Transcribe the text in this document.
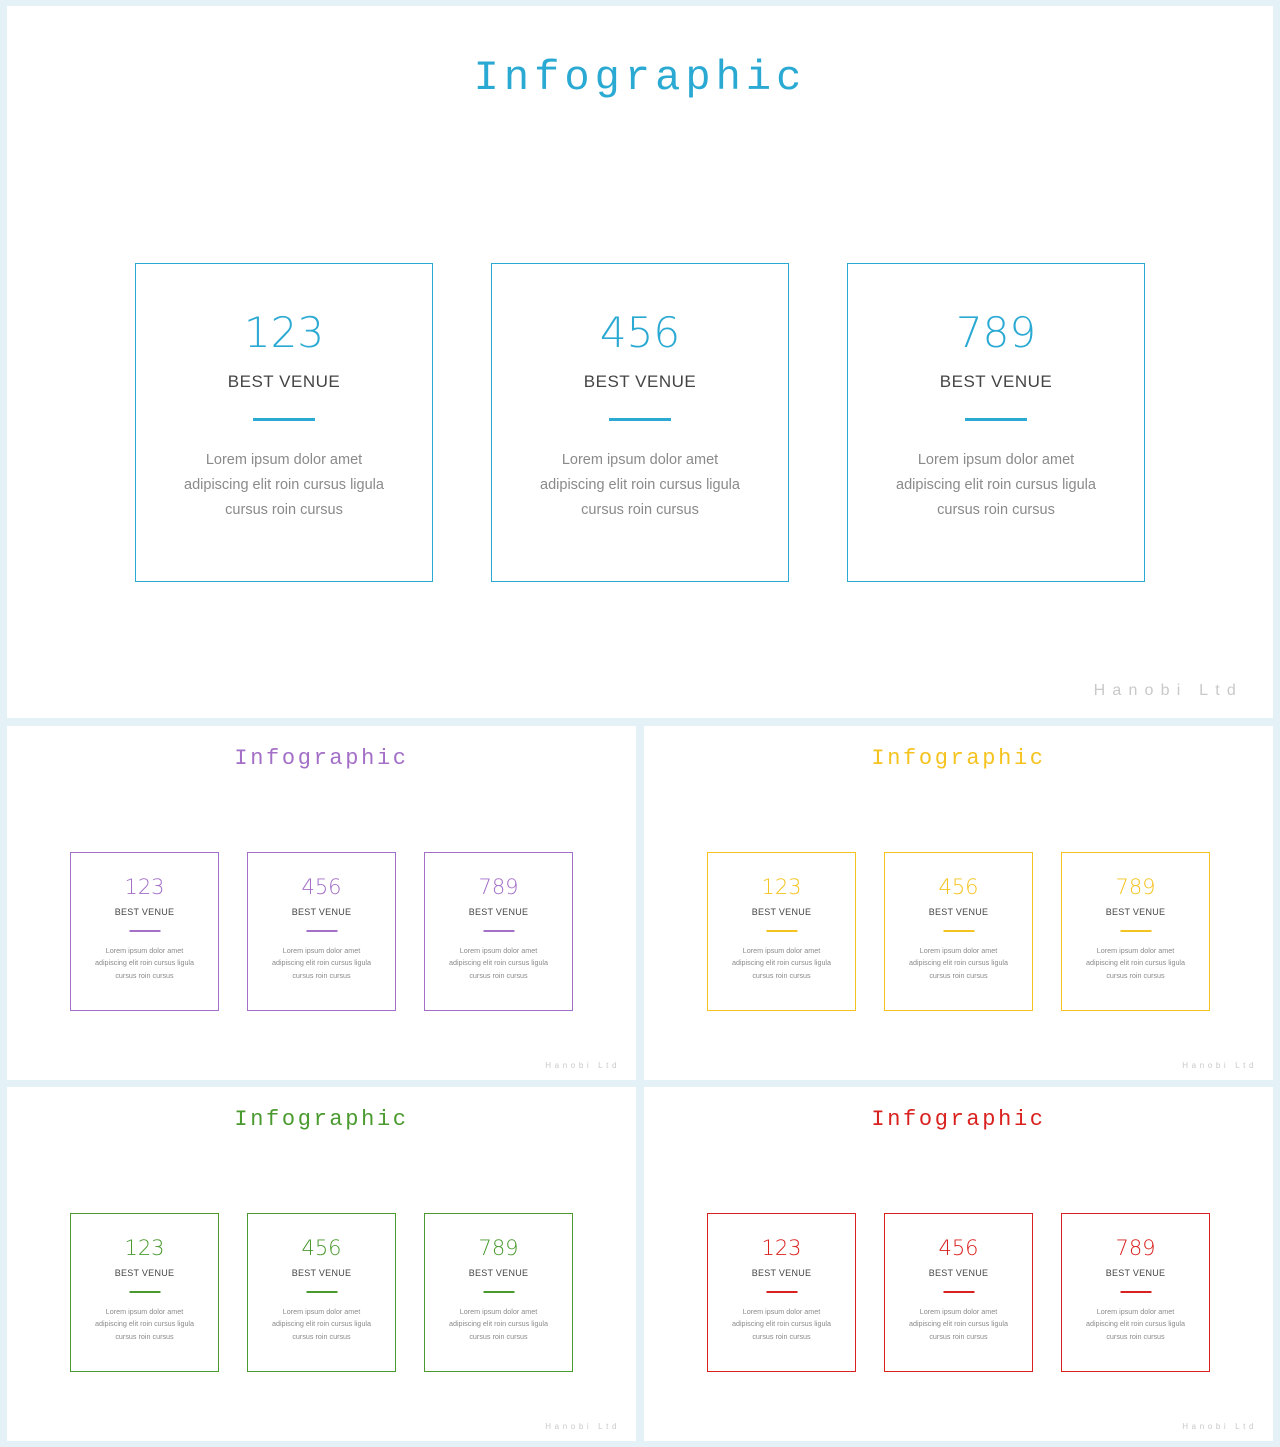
Infographic
123
BEST VENUE
Lorem ipsum dolor amet
adipiscing elit roin cursus ligula
cursus roin cursus
456
BEST VENUE
Lorem ipsum dolor amet
adipiscing elit roin cursus ligula
cursus roin cursus
789
BEST VENUE
Lorem ipsum dolor amet
adipiscing elit roin cursus ligula
cursus roin cursus
Hanobi Ltd
Infographic
123
BEST VENUE
Lorem ipsum dolor amet
adipiscing elit roin cursus ligula
cursus roin cursus
456
BEST VENUE
Lorem ipsum dolor amet
adipiscing elit roin cursus ligula
cursus roin cursus
789
BEST VENUE
Lorem ipsum dolor amet
adipiscing elit roin cursus ligula
cursus roin cursus
Hanobi Ltd
Infographic
123
BEST VENUE
Lorem ipsum dolor amet
adipiscing elit roin cursus ligula
cursus roin cursus
456
BEST VENUE
Lorem ipsum dolor amet
adipiscing elit roin cursus ligula
cursus roin cursus
789
BEST VENUE
Lorem ipsum dolor amet
adipiscing elit roin cursus ligula
cursus roin cursus
Hanobi Ltd
Infographic
123
BEST VENUE
Lorem ipsum dolor amet
adipiscing elit roin cursus ligula
cursus roin cursus
456
BEST VENUE
Lorem ipsum dolor amet
adipiscing elit roin cursus ligula
cursus roin cursus
789
BEST VENUE
Lorem ipsum dolor amet
adipiscing elit roin cursus ligula
cursus roin cursus
Hanobi Ltd
Infographic
123
BEST VENUE
Lorem ipsum dolor amet
adipiscing elit roin cursus ligula
cursus roin cursus
456
BEST VENUE
Lorem ipsum dolor amet
adipiscing elit roin cursus ligula
cursus roin cursus
789
BEST VENUE
Lorem ipsum dolor amet
adipiscing elit roin cursus ligula
cursus roin cursus
Hanobi Ltd
